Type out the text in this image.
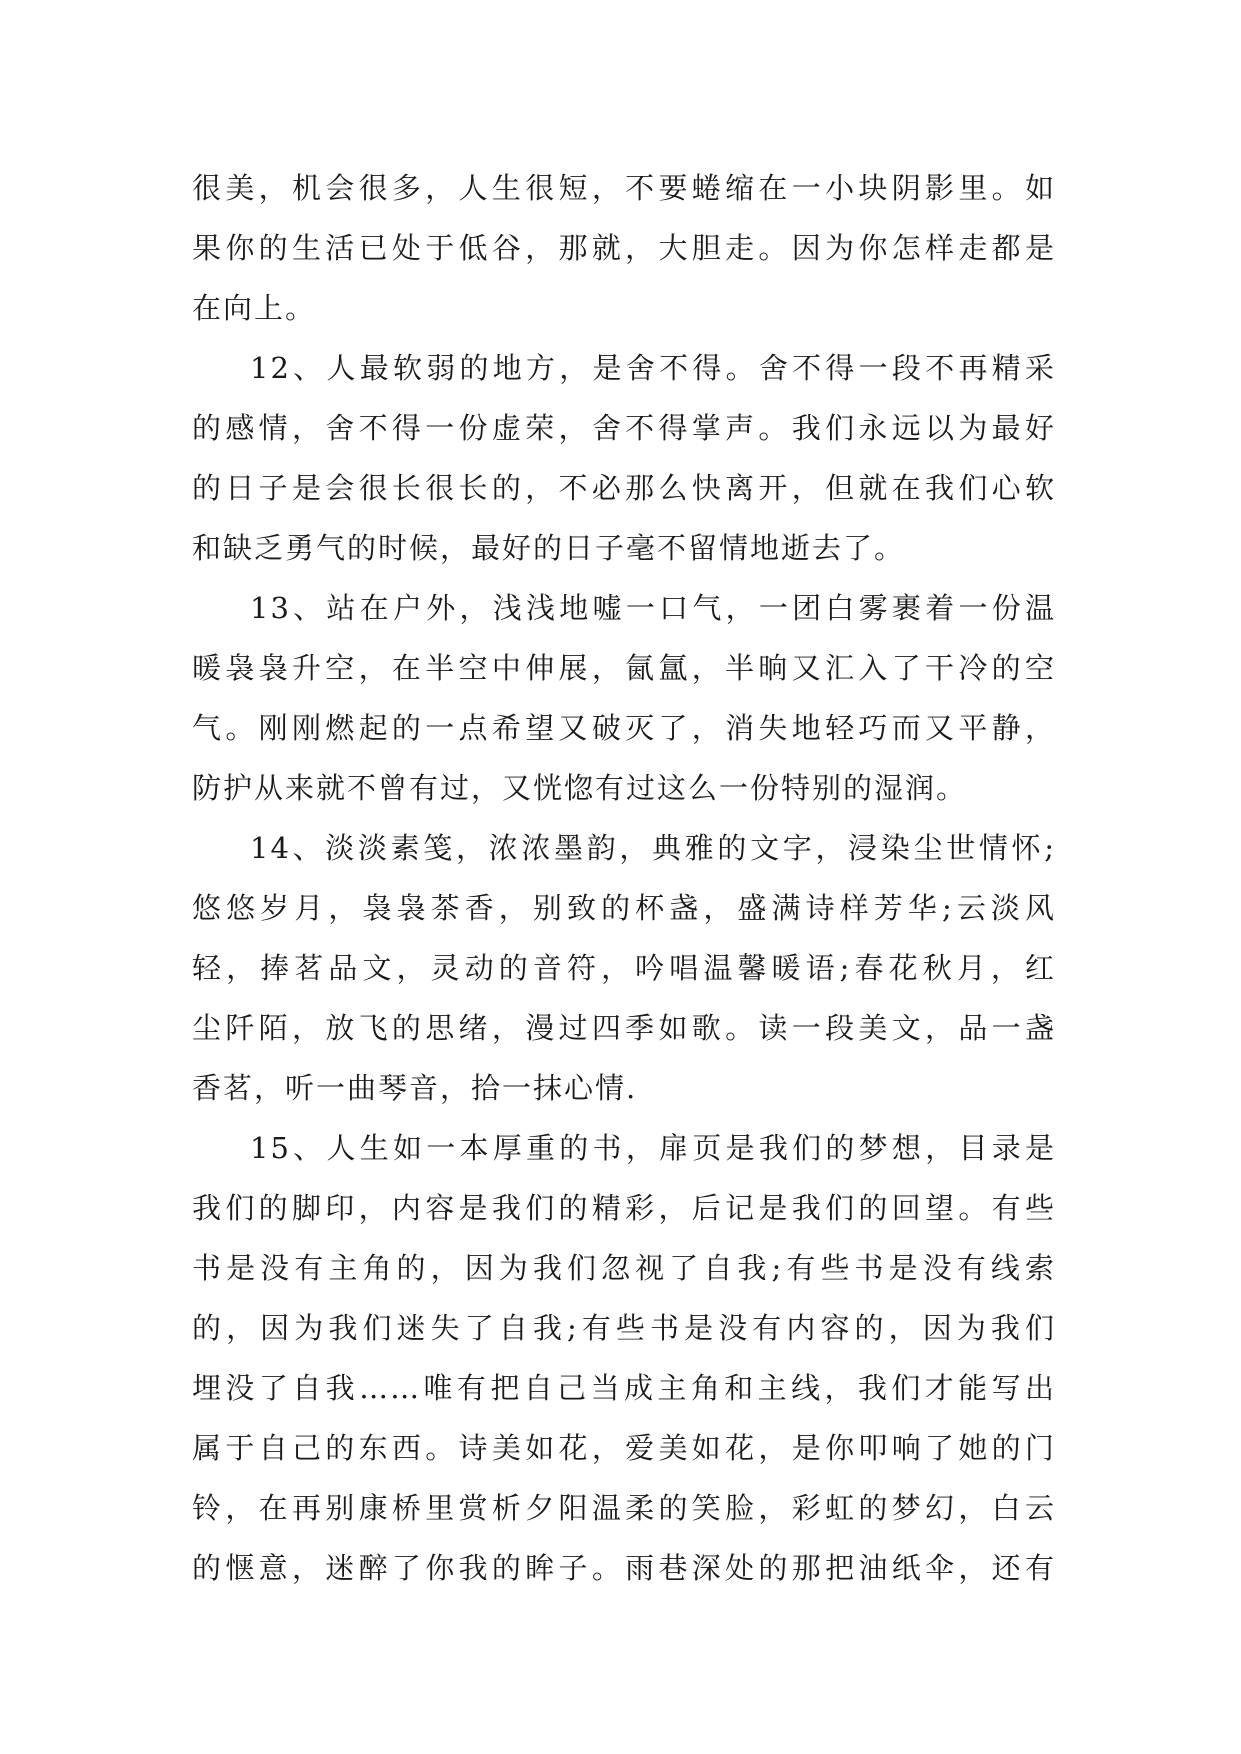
很美，机会很多，人生很短，不要蜷缩在一小块阴影里。如
果你的生活已处于低谷，那就，大胆走。因为你怎样走都是
在向上。
12、人最软弱的地方，是舍不得。舍不得一段不再精采
的感情，舍不得一份虚荣，舍不得掌声。我们永远以为最好
的日子是会很长很长的，不必那么快离开，但就在我们心软
和缺乏勇气的时候，最好的日子毫不留情地逝去了。
13、站在户外，浅浅地嘘一口气，一团白雾裹着一份温
暖袅袅升空，在半空中伸展，氤氲，半晌又汇入了干冷的空
气。刚刚燃起的一点希望又破灭了，消失地轻巧而又平静，
防护从来就不曾有过，又恍惚有过这么一份特别的湿润。
14、淡淡素笺，浓浓墨韵，典雅的文字，浸染尘世情怀;
悠悠岁月，袅袅茶香，别致的杯盏，盛满诗样芳华;云淡风
轻，捧茗品文，灵动的音符，吟唱温馨暖语;春花秋月，红
尘阡陌，放飞的思绪，漫过四季如歌。读一段美文，品一盏
香茗，听一曲琴音，拾一抹心情.
15、人生如一本厚重的书，扉页是我们的梦想，目录是
我们的脚印，内容是我们的精彩，后记是我们的回望。有些
书是没有主角的，因为我们忽视了自我;有些书是没有线索
的，因为我们迷失了自我;有些书是没有内容的，因为我们
埋没了自我……唯有把自己当成主角和主线，我们才能写出
属于自己的东西。诗美如花，爱美如花，是你叩响了她的门
铃，在再别康桥里赏析夕阳温柔的笑脸，彩虹的梦幻，白云
的惬意，迷醉了你我的眸子。雨巷深处的那把油纸伞，还有
